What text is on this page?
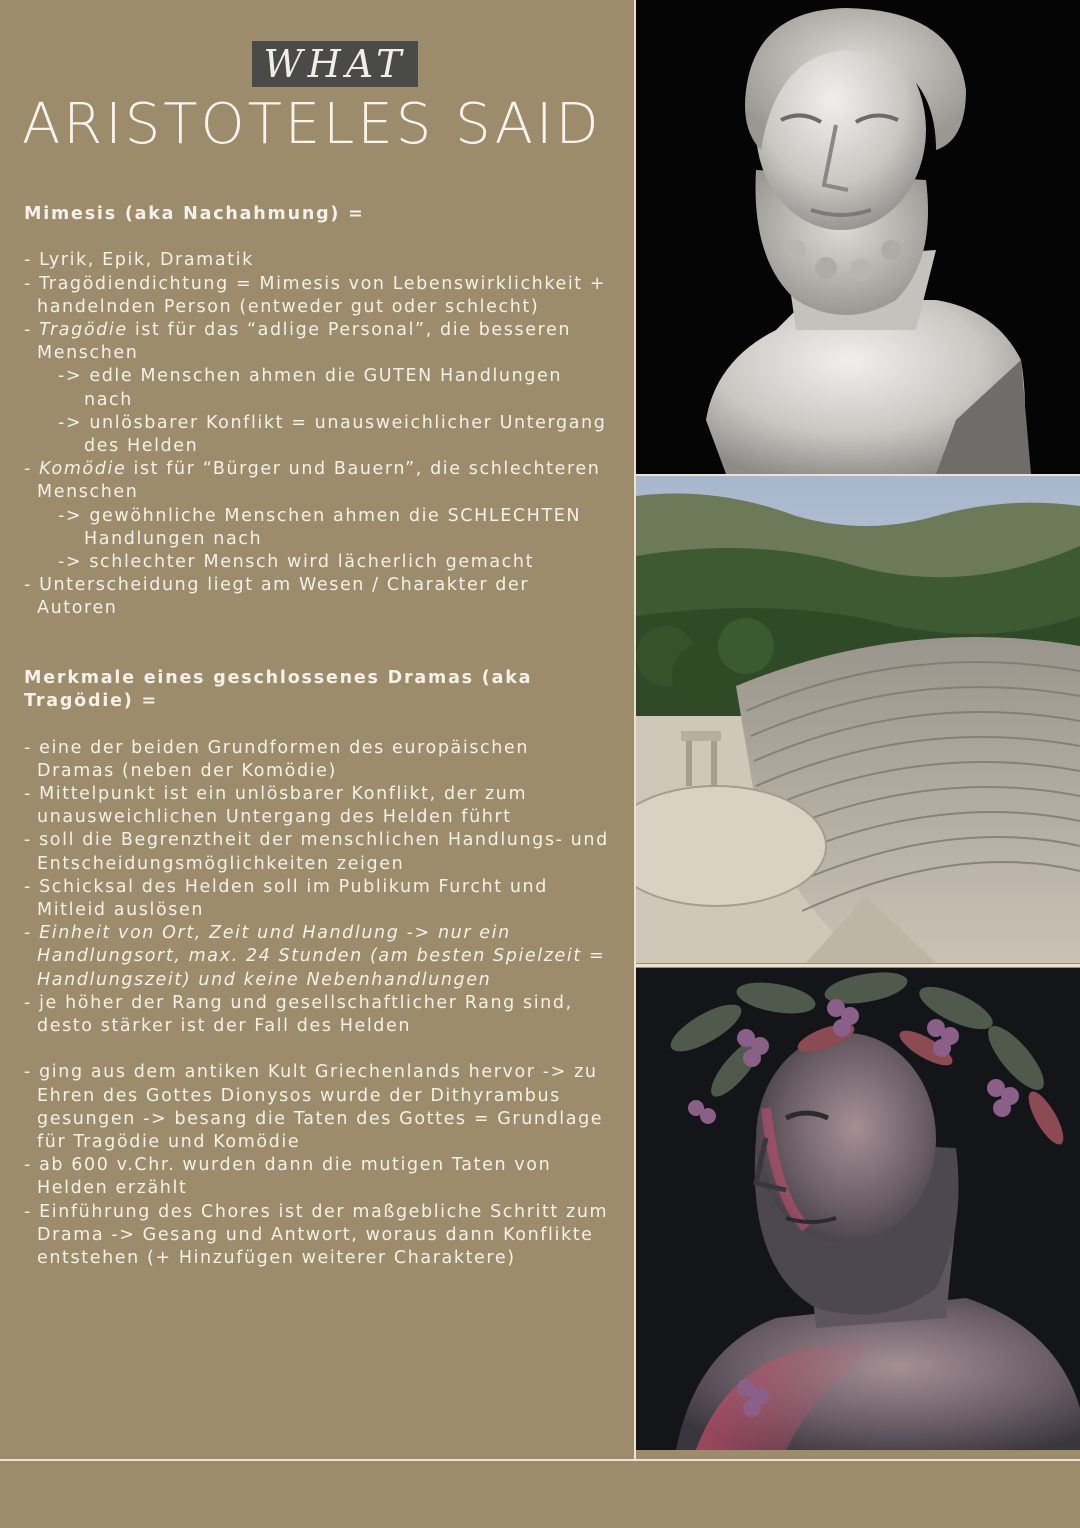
WHAT
ARISTOTELES SAID

Mimesis (aka Nachahmung) =

- Lyrik, Epik, Dramatik

- Tragödiendichtung = Mimesis von Lebenswirklichkeit + handelnden Person (entweder gut oder schlecht)

- Tragödie ist für das “adlige Personal”, die besseren Menschen

-> edle Menschen ahmen die GUTEN Handlungen nach

-> unlösbarer Konflikt = unausweichlicher Untergang des Helden

- Komödie ist für “Bürger und Bauern”, die schlechteren Menschen

-> gewöhnliche Menschen ahmen die SCHLECHTEN Handlungen nach

-> schlechter Mensch wird lächerlich gemacht

- Unterscheidung liegt am Wesen / Charakter der Autoren

Merkmale eines geschlossenes Dramas (aka Tragödie) =

- eine der beiden Grundformen des europäischen Dramas (neben der Komödie)

- Mittelpunkt ist ein unlösbarer Konflikt, der zum unausweichlichen Untergang des Helden führt

- soll die Begrenztheit der menschlichen Handlungs- und Entscheidungsmöglichkeiten zeigen

- Schicksal des Helden soll im Publikum Furcht und Mitleid auslösen

- Einheit von Ort, Zeit und Handlung -> nur ein Handlungsort, max. 24 Stunden (am besten Spielzeit = Handlungszeit) und keine Nebenhandlungen

- je höher der Rang und gesellschaftlicher Rang sind, desto stärker ist der Fall des Helden

- ging aus dem antiken Kult Griechenlands hervor -> zu Ehren des Gottes Dionysos wurde der Dithyrambus gesungen -> besang die Taten des Gottes = Grundlage für Tragödie und Komödie

- ab 600 v.Chr. wurden dann die mutigen Taten von Helden erzählt

- Einführung des Chores ist der maßgebliche Schritt zum Drama -> Gesang und Antwort, woraus dann Konflikte entstehen (+ Hinzufügen weiterer Charaktere)
